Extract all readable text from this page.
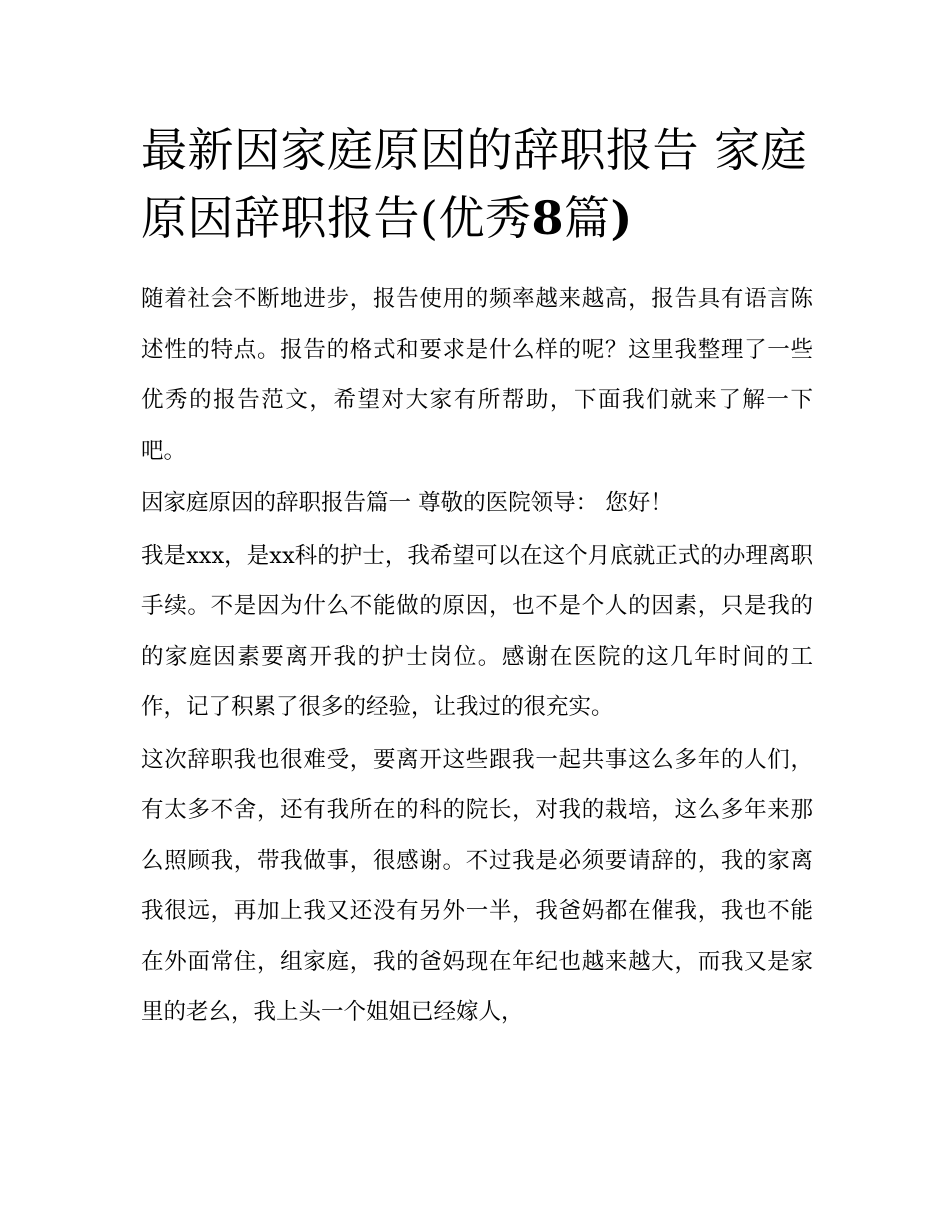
最新因家庭原因的辞职报告 家庭原因辞职报告(优秀8篇)

随着社会不断地进步，报告使用的频率越来越高，报告具有语言陈述性的特点。报告的格式和要求是什么样的呢？这里我整理了一些优秀的报告范文，希望对大家有所帮助，下面我们就来了解一下吧。

因家庭原因的辞职报告篇一 尊敬的医院领导： 您好！

我是xxx，是xx科的护士，我希望可以在这个月底就正式的办理离职手续。不是因为什么不能做的原因，也不是个人的因素，只是我的的家庭因素要离开我的护士岗位。感谢在医院的这几年时间的工作，记了积累了很多的经验，让我过的很充实。

这次辞职我也很难受，要离开这些跟我一起共事这么多年的人们，有太多不舍，还有我所在的科的院长，对我的栽培，这么多年来那么照顾我，带我做事，很感谢。不过我是必须要请辞的，我的家离我很远，再加上我又还没有另外一半，我爸妈都在催我，我也不能在外面常住，组家庭，我的爸妈现在年纪也越来越大，而我又是家里的老幺，我上头一个姐姐已经嫁人，
